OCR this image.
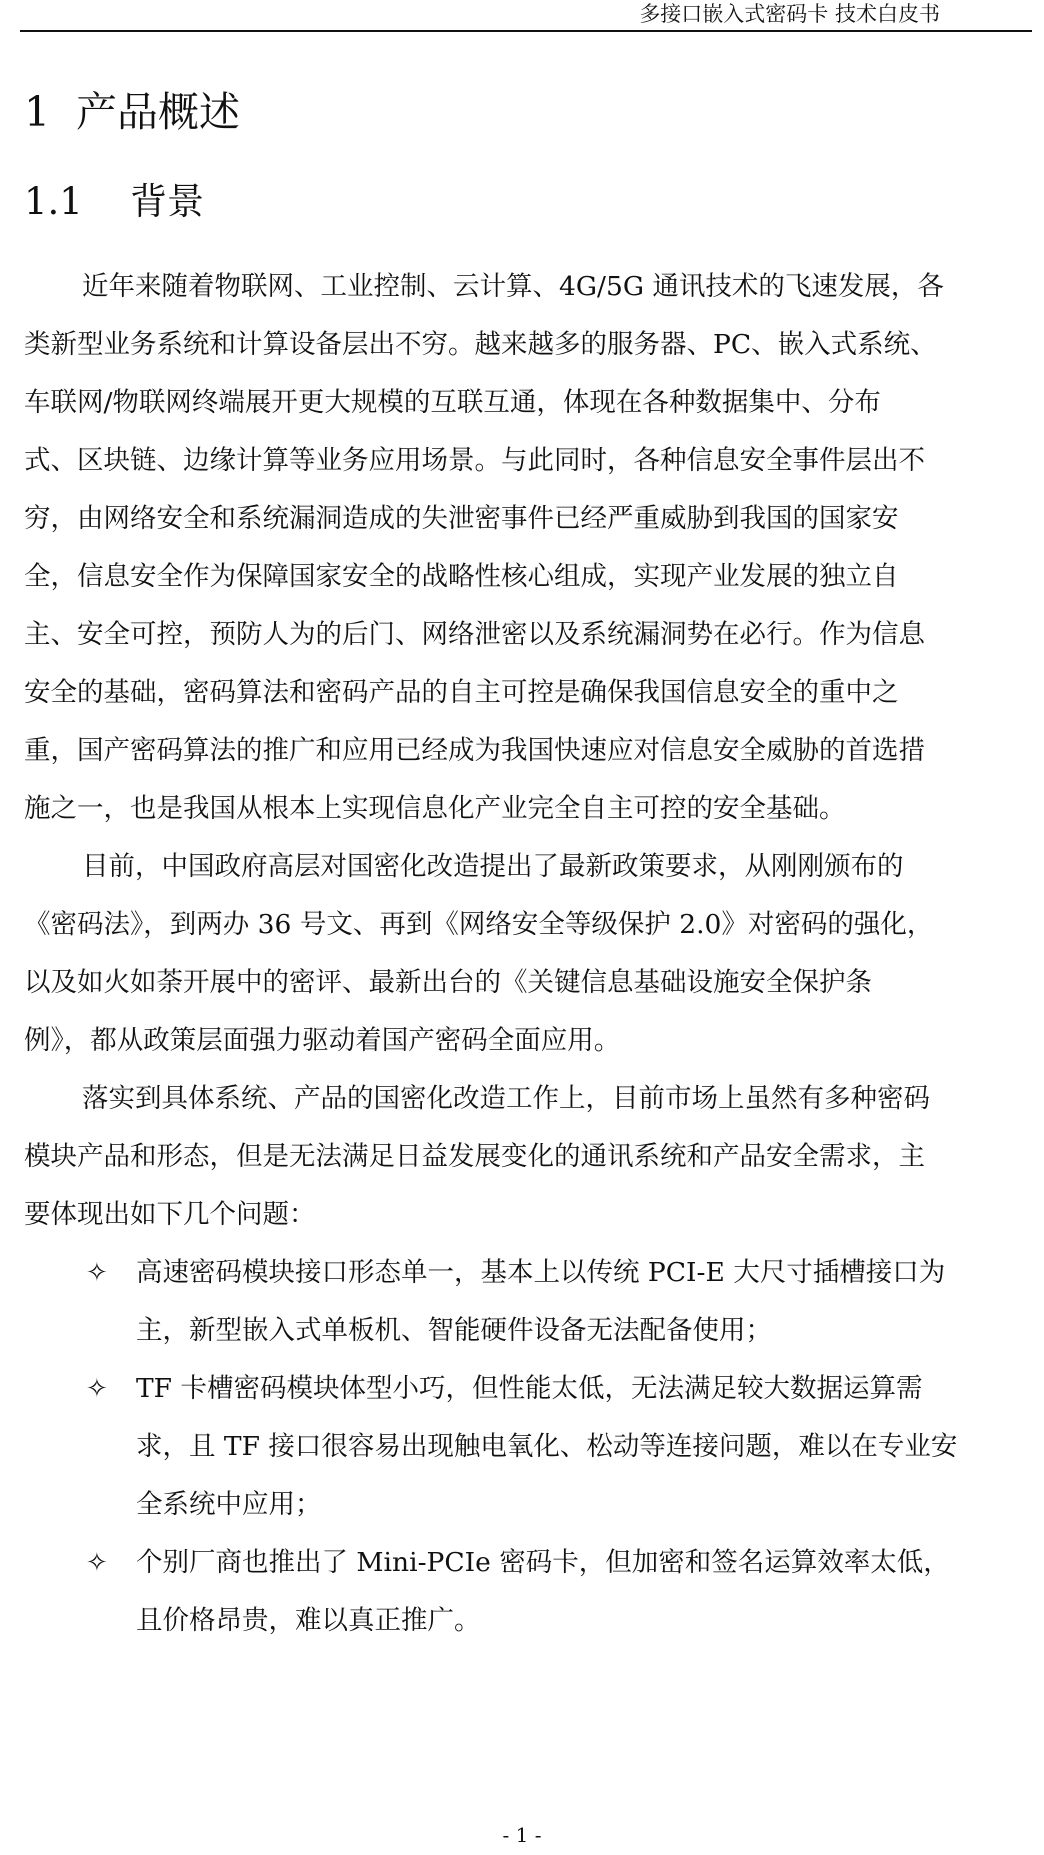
多接口嵌入式密码卡 技术白皮书
1 产品概述
1.1 背景
近年来随着物联网、工业控制、云计算、4G/5G 通讯技术的飞速发展，各
类新型业务系统和计算设备层出不穷。越来越多的服务器、PC、嵌入式系统、
车联网/物联网终端展开更大规模的互联互通，体现在各种数据集中、分布
式、区块链、边缘计算等业务应用场景。与此同时，各种信息安全事件层出不
穷，由网络安全和系统漏洞造成的失泄密事件已经严重威胁到我国的国家安
全，信息安全作为保障国家安全的战略性核心组成，实现产业发展的独立自
主、安全可控，预防人为的后门、网络泄密以及系统漏洞势在必行。作为信息
安全的基础，密码算法和密码产品的自主可控是确保我国信息安全的重中之
重，国产密码算法的推广和应用已经成为我国快速应对信息安全威胁的首选措
施之一，也是我国从根本上实现信息化产业完全自主可控的安全基础。
目前，中国政府高层对国密化改造提出了最新政策要求，从刚刚颁布的
《密码法》，到两办 36 号文、再到《网络安全等级保护 2.0》对密码的强化，
以及如火如荼开展中的密评、最新出台的《关键信息基础设施安全保护条
例》，都从政策层面强力驱动着国产密码全面应用。
落实到具体系统、产品的国密化改造工作上，目前市场上虽然有多种密码
模块产品和形态，但是无法满足日益发展变化的通讯系统和产品安全需求，主
要体现出如下几个问题：
✧ 高速密码模块接口形态单一，基本上以传统 PCI-E 大尺寸插槽接口为
主，新型嵌入式单板机、智能硬件设备无法配备使用；
✧ TF 卡槽密码模块体型小巧，但性能太低，无法满足较大数据运算需
求，且 TF 接口很容易出现触电氧化、松动等连接问题，难以在专业安
全系统中应用；
✧ 个别厂商也推出了 Mini-PCIe 密码卡，但加密和签名运算效率太低，
且价格昂贵，难以真正推广。
- 1 -
